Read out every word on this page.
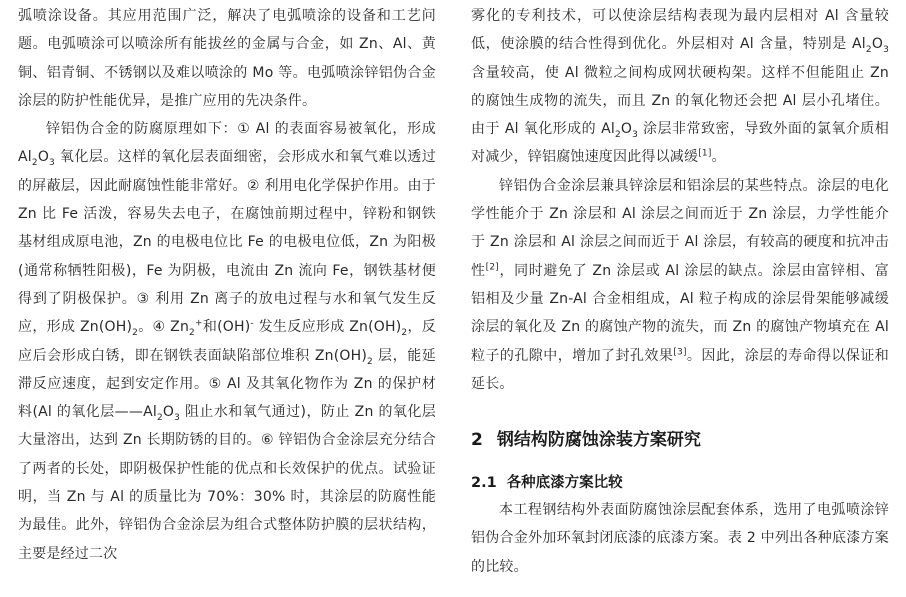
弧喷涂设备。其应用范围广泛，解决了电弧喷涂的设备和工艺问题。电弧喷涂可以喷涂所有能拔丝的金属与合金，如 Zn、Al、黄铜、铝青铜、不锈钢以及难以喷涂的 Mo 等。电弧喷涂锌铝伪合金涂层的防护性能优异，是推广应用的先决条件。

锌铝伪合金的防腐原理如下：① Al 的表面容易被氧化，形成 $Al_2O_3$ 氧化层。这样的氧化层表面细密，会形成水和氧气难以透过的屏蔽层，因此耐腐蚀性能非常好。② 利用电化学保护作用。由于 Zn 比 Fe 活泼，容易失去电子，在腐蚀前期过程中，锌粉和钢铁基材组成原电池，Zn 的电极电位比 Fe 的电极电位低，Zn 为阳极(通常称牺牲阳极)，Fe 为阴极，电流由 Zn 流向 Fe，钢铁基材便得到了阴极保护。③ 利用 Zn 离子的放电过程与水和氧气发生反应，形成 $Zn(OH)_2$。④ $Zn_2^+$和(OH)- 发生反应形成 $Zn(OH)_2$，反应后会形成白锈，即在钢铁表面缺陷部位堆积 $Zn(OH)_2$ 层，能延滞反应速度，起到安定作用。⑤ Al 及其氧化物作为 Zn 的保护材料(Al 的氧化层$——Al_2O_3$ 阻止水和氧气通过)，防止 Zn 的氧化层大量溶出，达到 Zn 长期防锈的目的。⑥ 锌铝伪合金涂层充分结合了两者的长处，即阴极保护性能的优点和长效保护的优点。试验证明，当 Zn 与 Al 的质量比为 70%：30% 时，其涂层的防腐性能为最佳。此外，锌铝伪合金涂层为组合式整体防护膜的层状结构，主要是经过二次

雾化的专利技术，可以使涂层结构表现为最内层相对 Al 含量较低，使涂膜的结合性得到优化。外层相对 Al 含量，特别是 $Al_2O_3$ 含量较高，使 Al 微粒之间构成网状硬构架。这样不但能阻止 Zn 的腐蚀生成物的流失，而且 Zn 的氧化物还会把 Al 层小孔堵住。由于 Al 氧化形成的 $Al_2O_3$ 涂层非常致密，导致外面的氯氧介质相对减少，锌铝腐蚀速度因此得以减缓[1]。

锌铝伪合金涂层兼具锌涂层和铝涂层的某些特点。涂层的电化学性能介于 Zn 涂层和 Al 涂层之间而近于 Zn 涂层，力学性能介于 Zn 涂层和 Al 涂层之间而近于 Al 涂层，有较高的硬度和抗冲击性[2]，同时避免了 Zn 涂层或 Al 涂层的缺点。涂层由富锌相、富铝相及少量 Zn-Al 合金相组成，Al 粒子构成的涂层骨架能够减缓涂层的氧化及 Zn 的腐蚀产物的流失，而 Zn 的腐蚀产物填充在 Al 粒子的孔隙中，增加了封孔效果[3]。因此，涂层的寿命得以保证和延长。

2 钢结构防腐蚀涂装方案研究
2.1 各种底漆方案比较

本工程钢结构外表面防腐蚀涂层配套体系，选用了电弧喷涂锌铝伪合金外加环氧封闭底漆的底漆方案。表 2 中列出各种底漆方案的比较。
